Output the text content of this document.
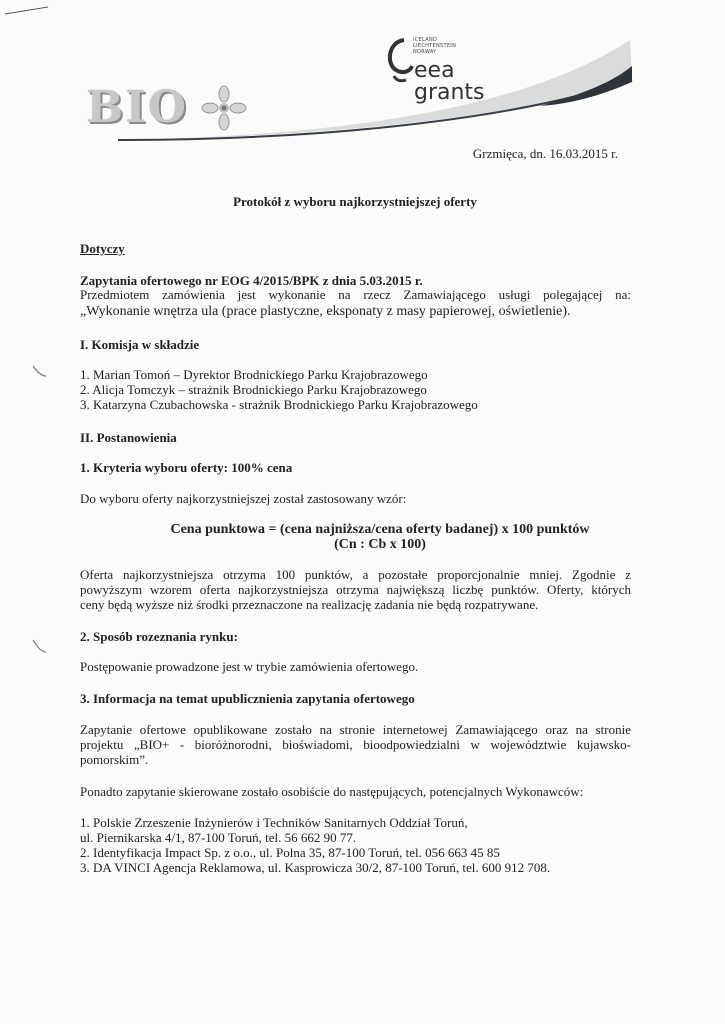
BIO
ICELAND
LIECHTENSTEIN
NORWAY
eea
grants
Grzmięca, dn. 16.03.2015 r.
Protokół z wyboru najkorzystniejszej oferty
Dotyczy
Zapytania ofertowego nr EOG 4/2015/BPK z dnia 5.03.2015 r.
Przedmiotem zamówienia jest wykonanie na rzecz Zamawiającego usługi polegającej na:
„Wykonanie wnętrza ula (prace plastyczne, eksponaty z masy papierowej, oświetlenie).
I. Komisja w składzie
1. Marian Tomoń – Dyrektor Brodnickiego Parku Krajobrazowego
2. Alicja Tomczyk – strażnik Brodnickiego Parku Krajobrazowego
3. Katarzyna Czubachowska - strażnik Brodnickiego Parku Krajobrazowego
II. Postanowienia
1. Kryteria wyboru oferty: 100% cena
Do wyboru oferty najkorzystniejszej został zastosowany wzór:
Cena punktowa = (cena najniższa/cena oferty badanej) x 100 punktów
(Cn : Cb x 100)
Oferta najkorzystniejsza otrzyma 100 punktów, a pozostałe proporcjonalnie mniej. Zgodnie z
powyższym wzorem oferta najkorzystniejsza otrzyma największą liczbę punktów. Oferty, których
ceny będą wyższe niż środki przeznaczone na realizację zadania nie będą rozpatrywane.
2. Sposób rozeznania rynku:
Postępowanie prowadzone jest w trybie zamówienia ofertowego.
3. Informacja na temat upublicznienia zapytania ofertowego
Zapytanie ofertowe opublikowane zostało na stronie internetowej Zamawiającego oraz na stronie
projektu „BIO+ - bioróżnorodni, bioświadomi, bioodpowiedzialni w województwie kujawsko-
pomorskim”.
Ponadto zapytanie skierowane zostało osobiście do następujących, potencjalnych Wykonawców:
1. Polskie Zrzeszenie Inżynierów i Techników Sanitarnych Oddział Toruń,
ul. Piernikarska 4/1, 87-100 Toruń, tel. 56 662 90 77.
2. Identyfikacja Impact Sp. z o.o., ul. Polna 35, 87-100 Toruń, tel. 056 663 45 85
3. DA VINCI Agencja Reklamowa, ul. Kasprowicza 30/2, 87-100 Toruń, tel. 600 912 708.
